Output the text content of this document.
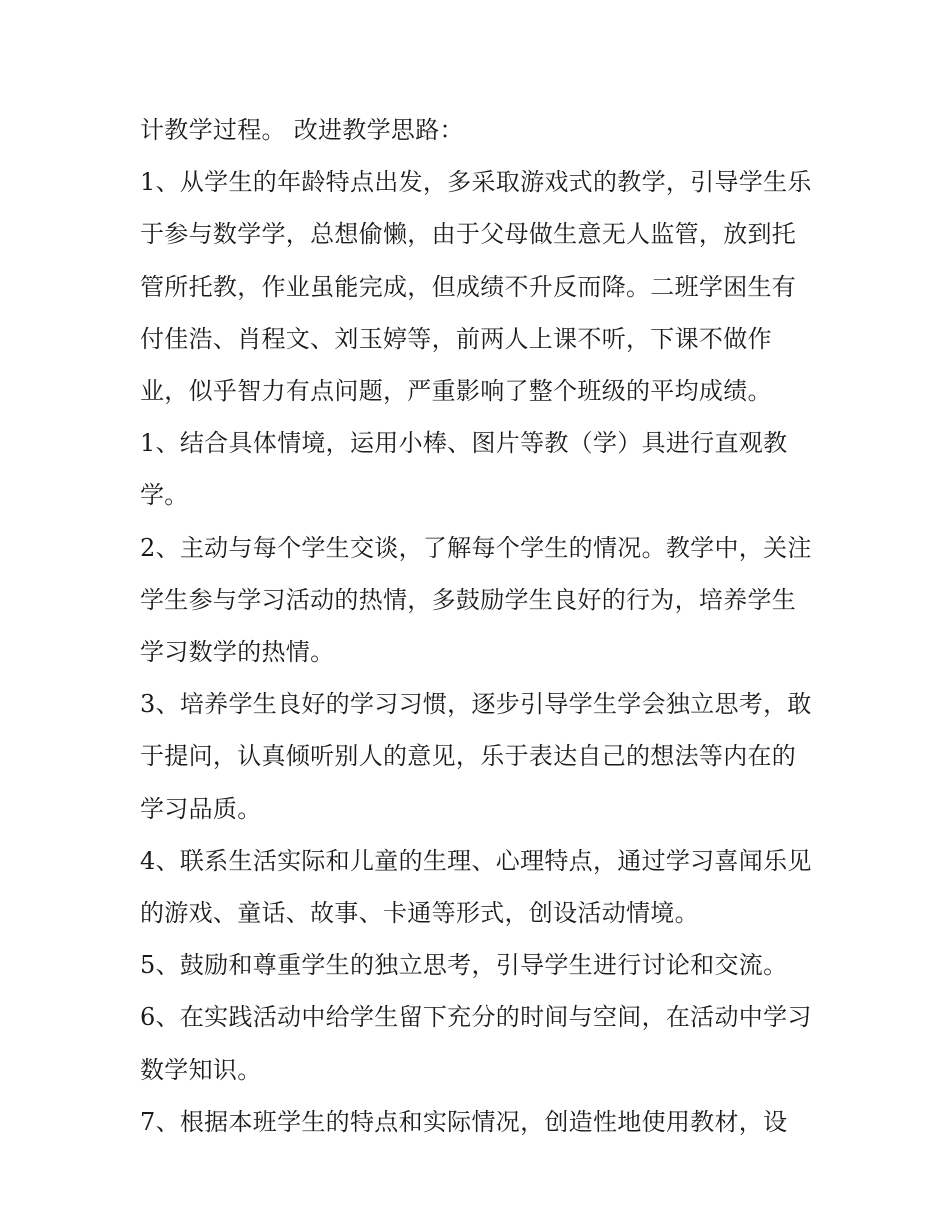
计教学过程。 改进教学思路：

1、从学生的年龄特点出发，多采取游戏式的教学，引导学生乐于参与数学学，总想偷懒，由于父母做生意无人监管，放到托管所托教，作业虽能完成，但成绩不升反而降。二班学困生有付佳浩、肖程文、刘玉婷等，前两人上课不听，下课不做作业，似乎智力有点问题，严重影响了整个班级的平均成绩。

1、结合具体情境，运用小棒、图片等教（学）具进行直观教学。

2、主动与每个学生交谈，了解每个学生的情况。教学中，关注学生参与学习活动的热情，多鼓励学生良好的行为，培养学生学习数学的热情。

3、培养学生良好的学习习惯，逐步引导学生学会独立思考，敢于提问，认真倾听别人的意见，乐于表达自己的想法等内在的学习品质。

4、联系生活实际和儿童的生理、心理特点，通过学习喜闻乐见的游戏、童话、故事、卡通等形式，创设活动情境。

5、鼓励和尊重学生的独立思考，引导学生进行讨论和交流。

6、在实践活动中给学生留下充分的时间与空间，在活动中学习数学知识。

7、根据本班学生的特点和实际情况，创造性地使用教材，设
